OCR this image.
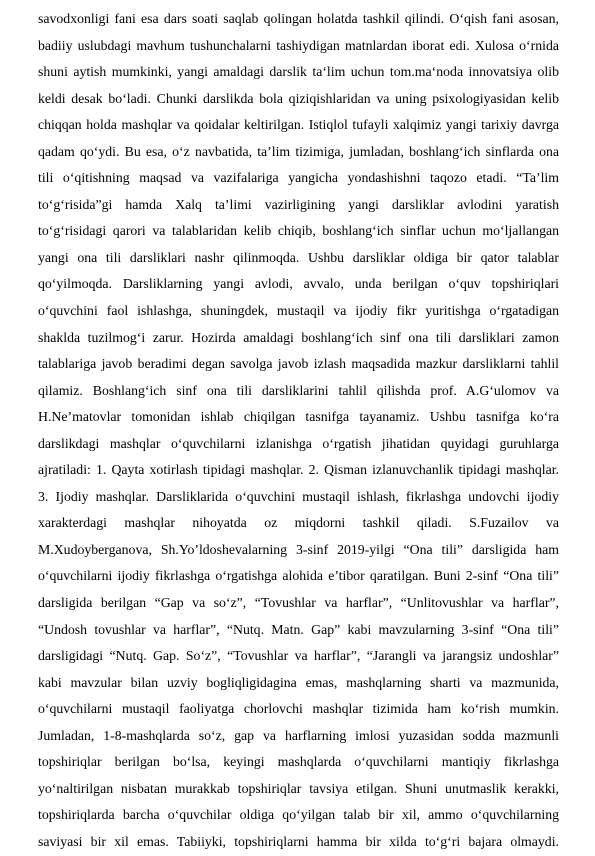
savodxonligi fani esa dars soati saqlab qolingan holatda tashkil qilindi. O‘qish fani asosan,
badiiy uslubdagi mavhum tushunchalarni tashiydigan matnlardan iborat edi. Xulosa o‘rnida
shuni aytish mumkinki, yangi amaldagi darslik ta‘lim uchun tom.ma‘noda innovatsiya olib
keldi desak bo‘ladi. Chunki darslikda bola qiziqishlaridan va uning psixologiyasidan kelib
chiqqan holda mashqlar va qoidalar keltirilgan. Istiqlol tufayli xalqimiz yangi tarixiy davrga
qadam qo‘ydi. Bu esa, o‘z navbatida, ta’lim tizimiga, jumladan, boshlang‘ich sinflarda ona
tili o‘qitishning maqsad va vazifalariga yangicha yondashishni taqozo etadi. “Ta’lim
to‘g‘risida”gi hamda Xalq ta’limi vazirligining yangi darsliklar avlodini yaratish
to‘g‘risidagi qarori va talablaridan kelib chiqib, boshlang‘ich sinflar uchun mo‘ljallangan
yangi ona tili darsliklari nashr qilinmoqda. Ushbu darsliklar oldiga bir qator talablar
qo‘yilmoqda. Darsliklarning yangi avlodi, avvalo, unda berilgan o‘quv topshiriqlari
o‘quvchini faol ishlashga, shuningdek, mustaqil va ijodiy fikr yuritishga o‘rgatadigan
shaklda tuzilmog‘i zarur. Hozirda amaldagi boshlang‘ich sinf ona tili darsliklari zamon
talablariga javob beradimi degan savolga javob izlash maqsadida mazkur darsliklarni tahlil
qilamiz. Boshlang‘ich sinf ona tili darsliklarini tahlil qilishda prof. A.G‘ulomov va
H.Ne’matovlar tomonidan ishlab chiqilgan tasnifga tayanamiz. Ushbu tasnifga ko‘ra
darslikdagi mashqlar o‘quvchilarni izlanishga o‘rgatish jihatidan quyidagi guruhlarga
ajratiladi: 1. Qayta xotirlash tipidagi mashqlar. 2. Qisman izlanuvchanlik tipidagi mashqlar.
3. Ijodiy mashqlar. Darsliklarida o‘quvchini mustaqil ishlash, fikrlashga undovchi ijodiy
xarakterdagi mashqlar nihoyatda oz miqdorni tashkil qiladi. S.Fuzailov va
M.Xudoyberganova, Sh.Yo’ldoshevalarning 3-sinf 2019-yilgi “Ona tili” darsligida ham
o‘quvchilarni ijodiy fikrlashga o‘rgatishga alohida e’tibor qaratilgan. Buni 2-sinf “Ona tili”
darsligida berilgan “Gap va so‘z”, “Tovushlar va harflar”, “Unlitovushlar va harflar”,
“Undosh tovushlar va harflar”, “Nutq. Matn. Gap” kabi mavzularning 3-sinf “Ona tili”
darsligidagi “Nutq. Gap. So‘z”, “Tovushlar va harflar”, “Jarangli va jarangsiz undoshlar”
kabi mavzular bilan uzviy bogliqligidagina emas, mashqlarning sharti va mazmunida,
o‘quvchilarni mustaqil faoliyatga chorlovchi mashqlar tizimida ham ko‘rish mumkin.
Jumladan, 1-8-mashqlarda so‘z, gap va harflarning imlosi yuzasidan sodda mazmunli
topshiriqlar berilgan bo‘lsa, keyingi mashqlarda o‘quvchilarni mantiqiy fikrlashga
yo‘naltirilgan nisbatan murakkab topshiriqlar tavsiya etilgan. Shuni unutmaslik kerakki,
topshiriqlarda barcha o‘quvchilar oldiga qo‘yilgan talab bir xil, ammo o‘quvchilarning
saviyasi bir xil emas. Tabiiyki, topshiriqlarni hamma bir xilda to‘g‘ri bajara olmaydi.
